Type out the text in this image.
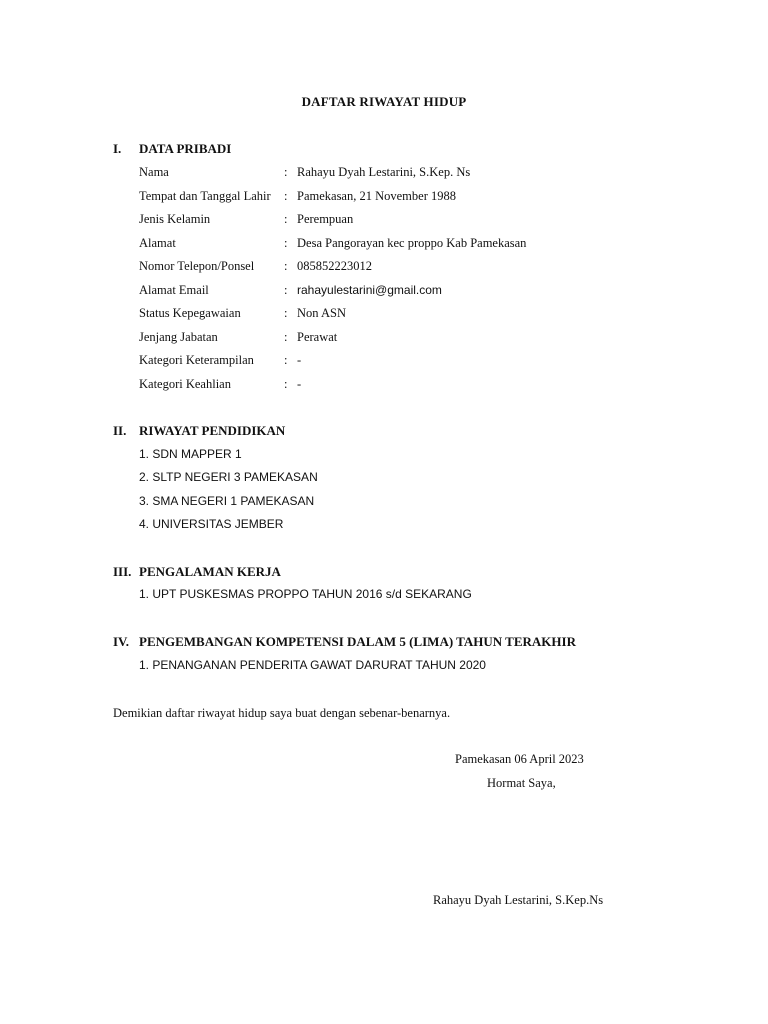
DAFTAR RIWAYAT HIDUP
I. DATA PRIBADI
Nama	: Rahayu Dyah Lestarini, S.Kep. Ns
Tempat dan Tanggal Lahir : Pamekasan, 21 November 1988
Jenis Kelamin	: Perempuan
Alamat	: Desa Pangorayan kec proppo Kab Pamekasan
Nomor Telepon/Ponsel : 085852223012
Alamat Email	: rahayulestarini@gmail.com
Status Kepegawaian	: Non ASN
Jenjang Jabatan	: Perawat
Kategori Keterampilan : -
Kategori Keahlian	: -
II. RIWAYAT PENDIDIKAN
1. SDN MAPPER 1
2. SLTP NEGERI 3 PAMEKASAN
3. SMA NEGERI 1 PAMEKASAN
4. UNIVERSITAS JEMBER
III. PENGALAMAN KERJA
1. UPT PUSKESMAS PROPPO TAHUN 2016 s/d SEKARANG
IV. PENGEMBANGAN KOMPETENSI DALAM 5 (LIMA) TAHUN TERAKHIR
1. PENANGANAN PENDERITA GAWAT DARURAT TAHUN 2020
Demikian daftar riwayat hidup saya buat dengan sebenar-benarnya.
Pamekasan 06 April 2023
Hormat Saya,
Rahayu Dyah Lestarini, S.Kep.Ns
